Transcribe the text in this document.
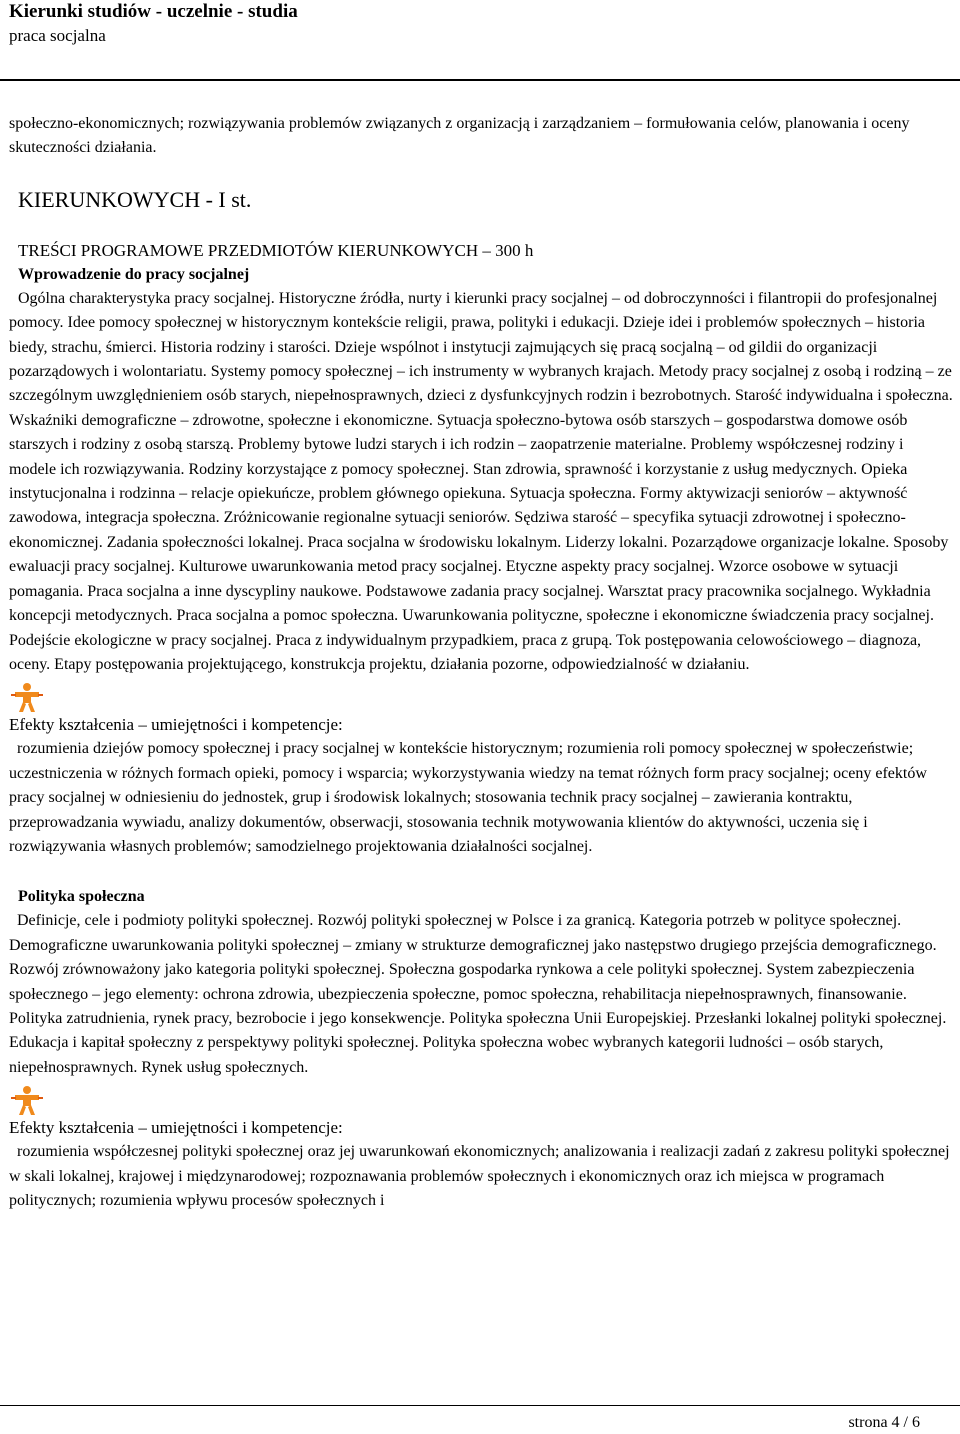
Kierunki studiów - uczelnie - studia

praca socjalna

społeczno-ekonomicznych; rozwiązywania problemów związanych z organizacją i zarządzaniem – formułowania celów, planowania i oceny skuteczności działania.

KIERUNKOWYCH - I st.

TREŚCI PROGRAMOWE PRZEDMIOTÓW KIERUNKOWYCH – 300 h

Wprowadzenie do pracy socjalnej

Ogólna charakterystyka pracy socjalnej. Historyczne źródła, nurty i kierunki pracy socjalnej – od dobroczynności i filantropii do profesjonalnej pomocy. Idee pomocy społecznej w historycznym kontekście religii, prawa, polityki i edukacji. Dzieje idei i problemów społecznych – historia biedy, strachu, śmierci. Historia rodziny i starości. Dzieje wspólnot i instytucji zajmujących się pracą socjalną – od gildii do organizacji pozarządowych i wolontariatu. Systemy pomocy społecznej – ich instrumenty w wybranych krajach. Metody pracy socjalnej z osobą i rodziną – ze szczególnym uwzględnieniem osób starych, niepełnosprawnych, dzieci z dysfunkcyjnych rodzin i bezrobotnych. Starość indywidualna i społeczna. Wskaźniki demograficzne – zdrowotne, społeczne i ekonomiczne. Sytuacja społeczno-bytowa osób starszych – gospodarstwa domowe osób starszych i rodziny z osobą starszą. Problemy bytowe ludzi starych i ich rodzin – zaopatrzenie materialne. Problemy współczesnej rodziny i modele ich rozwiązywania. Rodziny korzystające z pomocy społecznej. Stan zdrowia, sprawność i korzystanie z usług medycznych. Opieka instytucjonalna i rodzinna – relacje opiekuńcze, problem głównego opiekuna. Sytuacja społeczna. Formy aktywizacji seniorów – aktywność zawodowa, integracja społeczna. Zróżnicowanie regionalne sytuacji seniorów. Sędziwa starość – specyfika sytuacji zdrowotnej i społeczno-ekonomicznej. Zadania społeczności lokalnej. Praca socjalna w środowisku lokalnym. Liderzy lokalni. Pozarządowe organizacje lokalne. Sposoby ewaluacji pracy socjalnej. Kulturowe uwarunkowania metod pracy socjalnej. Etyczne aspekty pracy socjalnej. Wzorce osobowe w sytuacji pomagania. Praca socjalna a inne dyscypliny naukowe. Podstawowe zadania pracy socjalnej. Warsztat pracy pracownika socjalnego. Wykładnia koncepcji metodycznych. Praca socjalna a pomoc społeczna. Uwarunkowania polityczne, społeczne i ekonomiczne świadczenia pracy socjalnej. Podejście ekologiczne w pracy socjalnej. Praca z indywidualnym przypadkiem, praca z grupą. Tok postępowania celowościowego – diagnoza, oceny. Etapy postępowania projektującego, konstrukcja projektu, działania pozorne, odpowiedzialność w działaniu.

Efekty kształcenia – umiejętności i kompetencje:

rozumienia dziejów pomocy społecznej i pracy socjalnej w kontekście historycznym; rozumienia roli pomocy społecznej w społeczeństwie; uczestniczenia w różnych formach opieki, pomocy i wsparcia; wykorzystywania wiedzy na temat różnych form pracy socjalnej; oceny efektów pracy socjalnej w odniesieniu do jednostek, grup i środowisk lokalnych; stosowania technik pracy socjalnej – zawierania kontraktu, przeprowadzania wywiadu, analizy dokumentów, obserwacji, stosowania technik motywowania klientów do aktywności, uczenia się i rozwiązywania własnych problemów; samodzielnego projektowania działalności socjalnej.

Polityka społeczna

Definicje, cele i podmioty polityki społecznej. Rozwój polityki społecznej w Polsce i za granicą. Kategoria potrzeb w polityce społecznej. Demograficzne uwarunkowania polityki społecznej – zmiany w strukturze demograficznej jako następstwo drugiego przejścia demograficznego. Rozwój zrównoważony jako kategoria polityki społecznej. Społeczna gospodarka rynkowa a cele polityki społecznej. System zabezpieczenia społecznego – jego elementy: ochrona zdrowia, ubezpieczenia społeczne, pomoc społeczna, rehabilitacja niepełnosprawnych, finansowanie. Polityka zatrudnienia, rynek pracy, bezrobocie i jego konsekwencje. Polityka społeczna Unii Europejskiej. Przesłanki lokalnej polityki społecznej. Edukacja i kapitał społeczny z perspektywy polityki społecznej. Polityka społeczna wobec wybranych kategorii ludności – osób starych, niepełnosprawnych. Rynek usług społecznych.

Efekty kształcenia – umiejętności i kompetencje:

rozumienia współczesnej polityki społecznej oraz jej uwarunkowań ekonomicznych; analizowania i realizacji zadań z zakresu polityki społecznej w skali lokalnej, krajowej i międzynarodowej; rozpoznawania problemów społecznych i ekonomicznych oraz ich miejsca w programach politycznych; rozumienia wpływu procesów społecznych i

strona 4 / 6
